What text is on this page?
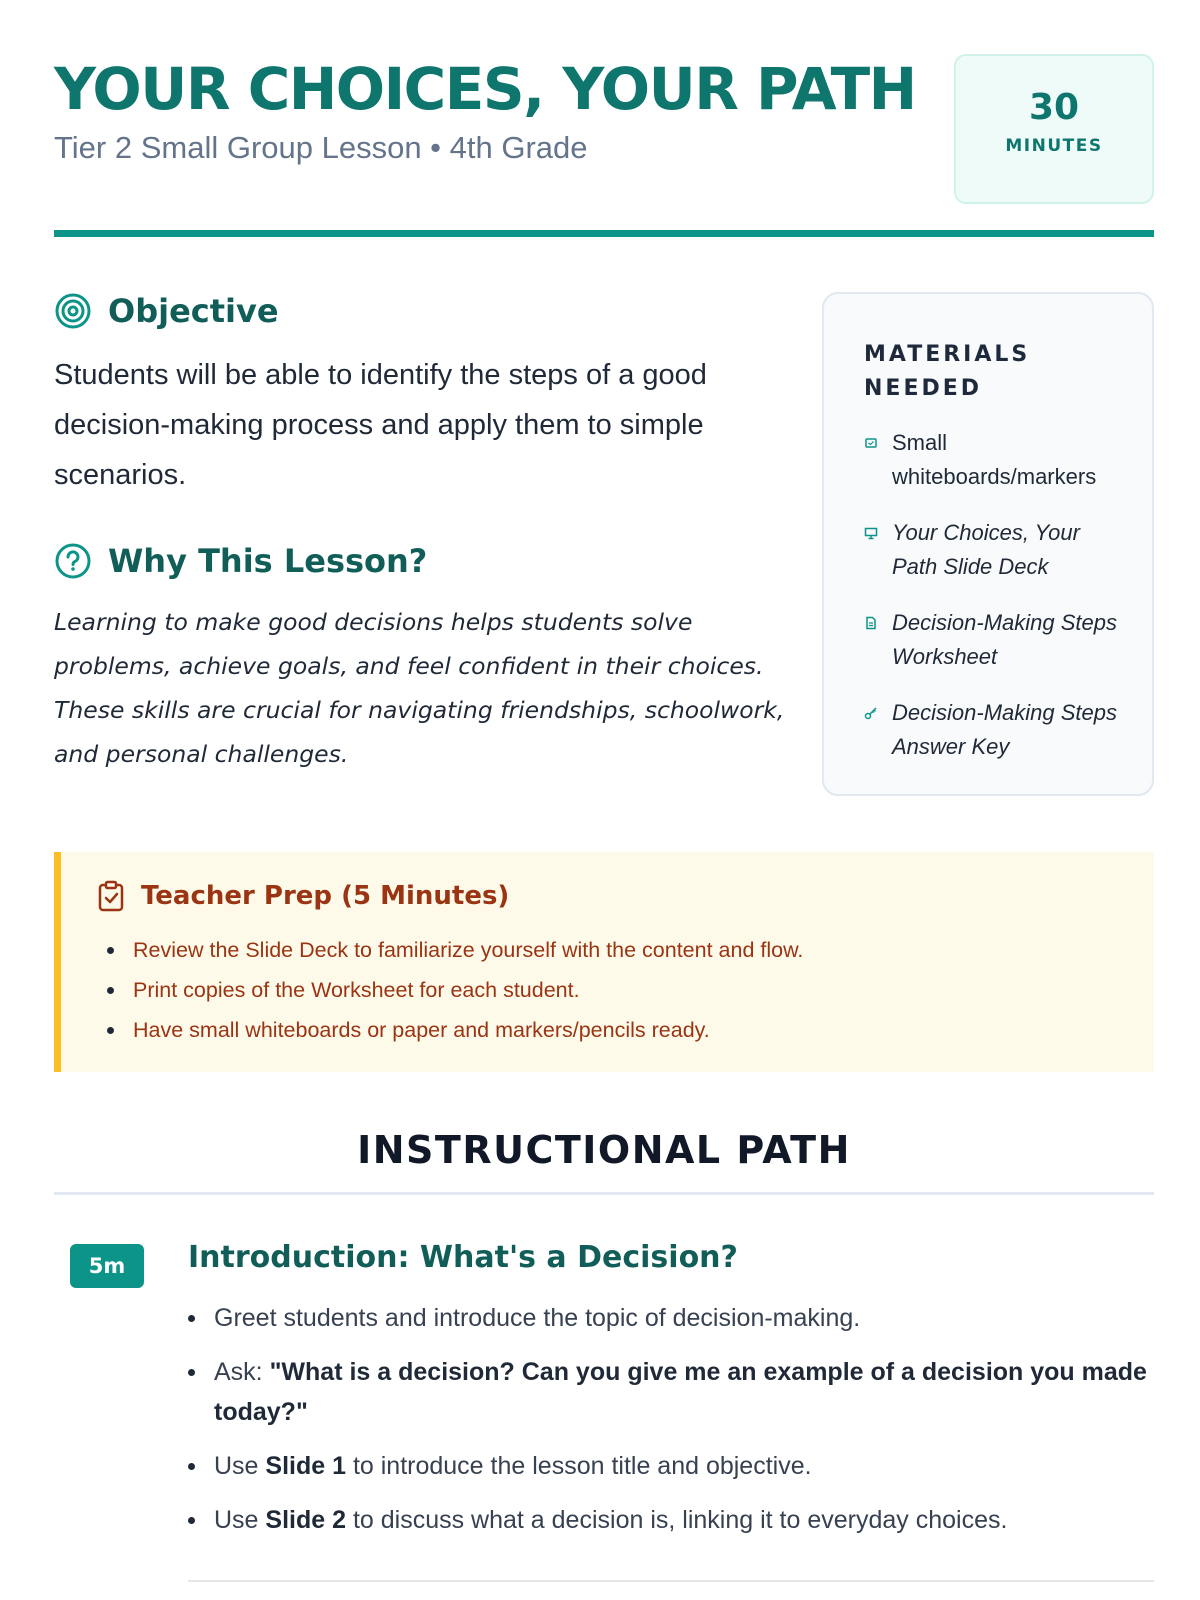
YOUR CHOICES, YOUR PATH
Tier 2 Small Group Lesson • 4th Grade
30
MINUTES
Objective

Students will be able to identify the steps of a good decision-making process and apply them to simple scenarios.

Why This Lesson?

Learning to make good decisions helps students solve problems, achieve goals, and feel confident in their choices. These skills are crucial for navigating friendships, schoolwork, and personal challenges.

MATERIALS NEEDED
Small whiteboards/markers
Your Choices, Your Path Slide Deck
Decision-Making Steps Worksheet
Decision-Making Steps Answer Key
Teacher Prep (5 Minutes)
Review the Slide Deck to familiarize yourself with the content and flow.
Print copies of the Worksheet for each student.
Have small whiteboards or paper and markers/pencils ready.
INSTRUCTIONAL PATH
5m	Introduction: What's a Decision?
Greet students and introduce the topic of decision-making.
Ask: "What is a decision? Can you give me an example of a decision you made today?"
Use Slide 1 to introduce the lesson title and objective.
Use Slide 2 to discuss what a decision is, linking it to everyday choices.
